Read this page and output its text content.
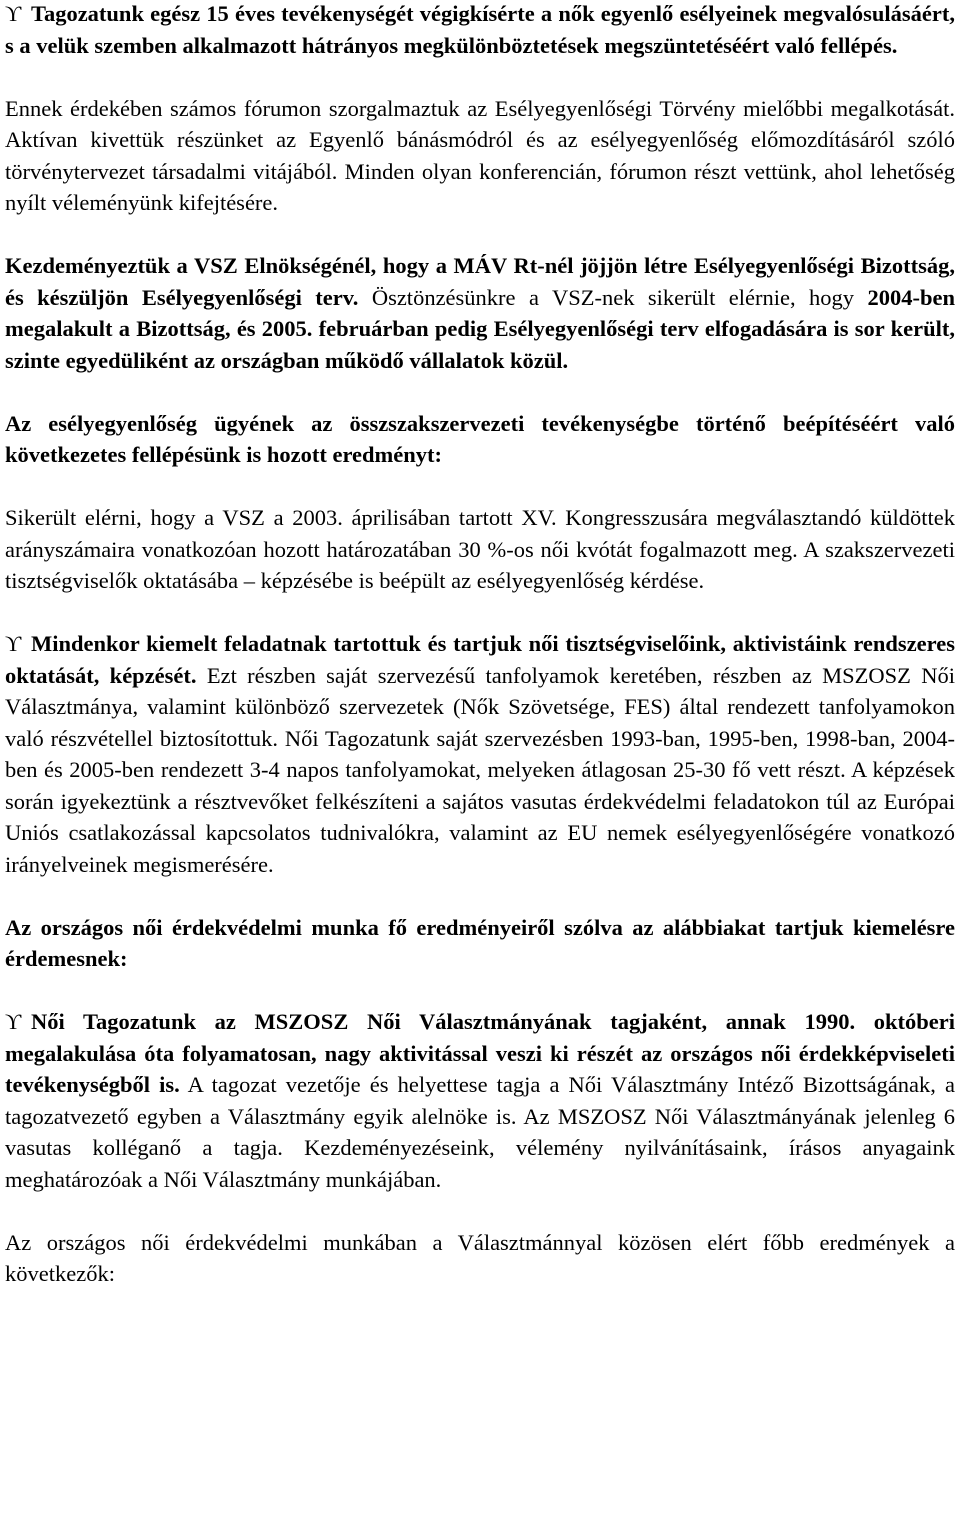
ϒ Tagozatunk egész 15 éves tevékenységét végigkísérte a nők egyenlő esélyeinek megvalósulásáért, s a velük szemben alkalmazott hátrányos megkülönböztetések megszüntetéséért való fellépés.

Ennek érdekében számos fórumon szorgalmaztuk az Esélyegyenlőségi Törvény mielőbbi megalkotását. Aktívan kivettük részünket az Egyenlő bánásmódról és az esélyegyenlőség előmozdításáról szóló törvénytervezet társadalmi vitájából. Minden olyan konferencián, fórumon részt vettünk, ahol lehetőség nyílt véleményünk kifejtésére.

Kezdeményeztük a VSZ Elnökségénél, hogy a MÁV Rt-nél jöjjön létre Esélyegyenlőségi Bizottság, és készüljön Esélyegyenlőségi terv. Ösztönzésünkre a VSZ-nek sikerült elérnie, hogy 2004-ben megalakult a Bizottság, és 2005. februárban pedig Esélyegyenlőségi terv elfogadására is sor került, szinte egyedüliként az országban működő vállalatok közül.

Az esélyegyenlőség ügyének az összszakszervezeti tevékenységbe történő beépítéséért való következetes fellépésünk is hozott eredményt:

Sikerült elérni, hogy a VSZ a 2003. áprilisában tartott XV. Kongresszusára megválasztandó küldöttek arányszámaira vonatkozóan hozott határozatában 30 %-os női kvótát fogalmazott meg. A szakszervezeti tisztségviselők oktatásába – képzésébe is beépült az esélyegyenlőség kérdése.

ϒ Mindenkor kiemelt feladatnak tartottuk és tartjuk női tisztségviselőink, aktivistáink rendszeres oktatását, képzését. Ezt részben saját szervezésű tanfolyamok keretében, részben az MSZOSZ Női Választmánya, valamint különböző szervezetek (Nők Szövetsége, FES) által rendezett tanfolyamokon való részvétellel biztosítottuk. Női Tagozatunk saját szervezésben 1993-ban, 1995-ben, 1998-ban, 2004-ben és 2005-ben rendezett 3-4 napos tanfolyamokat, melyeken átlagosan 25-30 fő vett részt. A képzések során igyekeztünk a résztvevőket felkészíteni a sajátos vasutas érdekvédelmi feladatokon túl az Európai Uniós csatlakozással kapcsolatos tudnivalókra, valamint az EU nemek esélyegyenlőségére vonatkozó irányelveinek megismerésére.

Az országos női érdekvédelmi munka fő eredményeiről szólva az alábbiakat tartjuk kiemelésre érdemesnek:

ϒ Női Tagozatunk az MSZOSZ Női Választmányának tagjaként, annak 1990. októberi megalakulása óta folyamatosan, nagy aktivitással veszi ki részét az országos női érdekképviseleti tevékenységből is. A tagozat vezetője és helyettese tagja a Női Választmány Intéző Bizottságának, a tagozatvezető egyben a Választmány egyik alelnöke is. Az MSZOSZ Női Választmányának jelenleg 6 vasutas kolléganő a tagja. Kezdeményezéseink, vélemény nyilvánításaink, írásos anyagaink meghatározóak a Női Választmány munkájában.

Az országos női érdekvédelmi munkában a Választmánnyal közösen elért főbb eredmények a következők:
